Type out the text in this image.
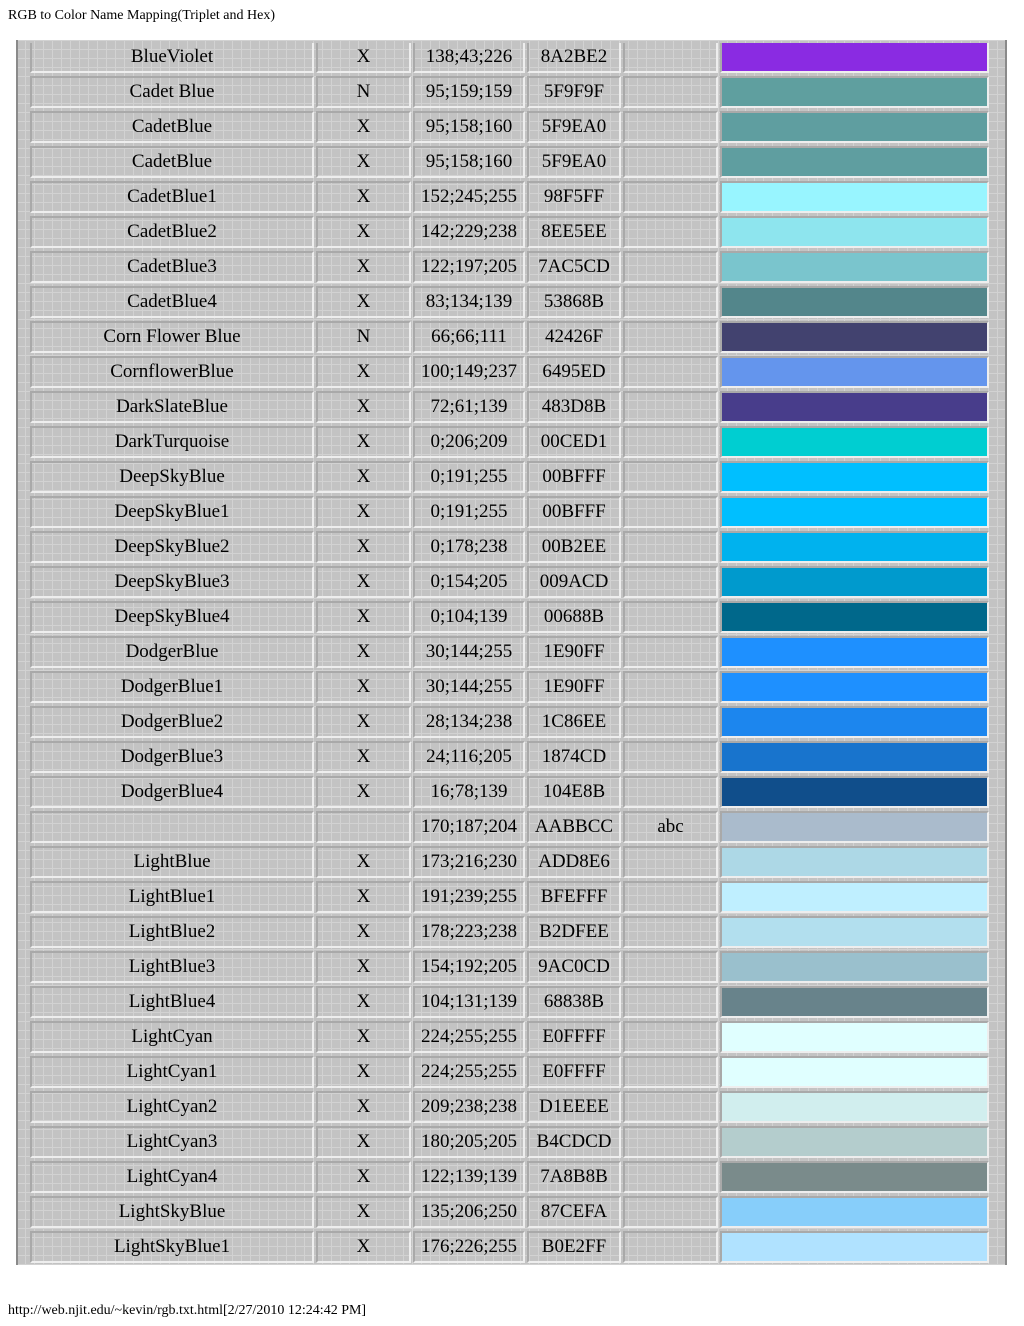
RGB to Color Name Mapping(Triplet and Hex)
BlueViolet	X	138;43;226	8A2BE2		
Cadet Blue	N	95;159;159	5F9F9F		
CadetBlue	X	95;158;160	5F9EA0		
CadetBlue	X	95;158;160	5F9EA0		
CadetBlue1	X	152;245;255	98F5FF		
CadetBlue2	X	142;229;238	8EE5EE		
CadetBlue3	X	122;197;205	7AC5CD		
CadetBlue4	X	83;134;139	53868B		
Corn Flower Blue	N	66;66;111	42426F		
CornflowerBlue	X	100;149;237	6495ED		
DarkSlateBlue	X	72;61;139	483D8B		
DarkTurquoise	X	0;206;209	00CED1		
DeepSkyBlue	X	0;191;255	00BFFF		
DeepSkyBlue1	X	0;191;255	00BFFF		
DeepSkyBlue2	X	0;178;238	00B2EE		
DeepSkyBlue3	X	0;154;205	009ACD		
DeepSkyBlue4	X	0;104;139	00688B		
DodgerBlue	X	30;144;255	1E90FF		
DodgerBlue1	X	30;144;255	1E90FF		
DodgerBlue2	X	28;134;238	1C86EE		
DodgerBlue3	X	24;116;205	1874CD		
DodgerBlue4	X	16;78;139	104E8B		
		170;187;204	AABBCC	abc	
LightBlue	X	173;216;230	ADD8E6		
LightBlue1	X	191;239;255	BFEFFF		
LightBlue2	X	178;223;238	B2DFEE		
LightBlue3	X	154;192;205	9AC0CD		
LightBlue4	X	104;131;139	68838B		
LightCyan	X	224;255;255	E0FFFF		
LightCyan1	X	224;255;255	E0FFFF		
LightCyan2	X	209;238;238	D1EEEE		
LightCyan3	X	180;205;205	B4CDCD		
LightCyan4	X	122;139;139	7A8B8B		
LightSkyBlue	X	135;206;250	87CEFA		
LightSkyBlue1	X	176;226;255	B0E2FF		
http://web.njit.edu/~kevin/rgb.txt.html[2/27/2010 12:24:42 PM]
